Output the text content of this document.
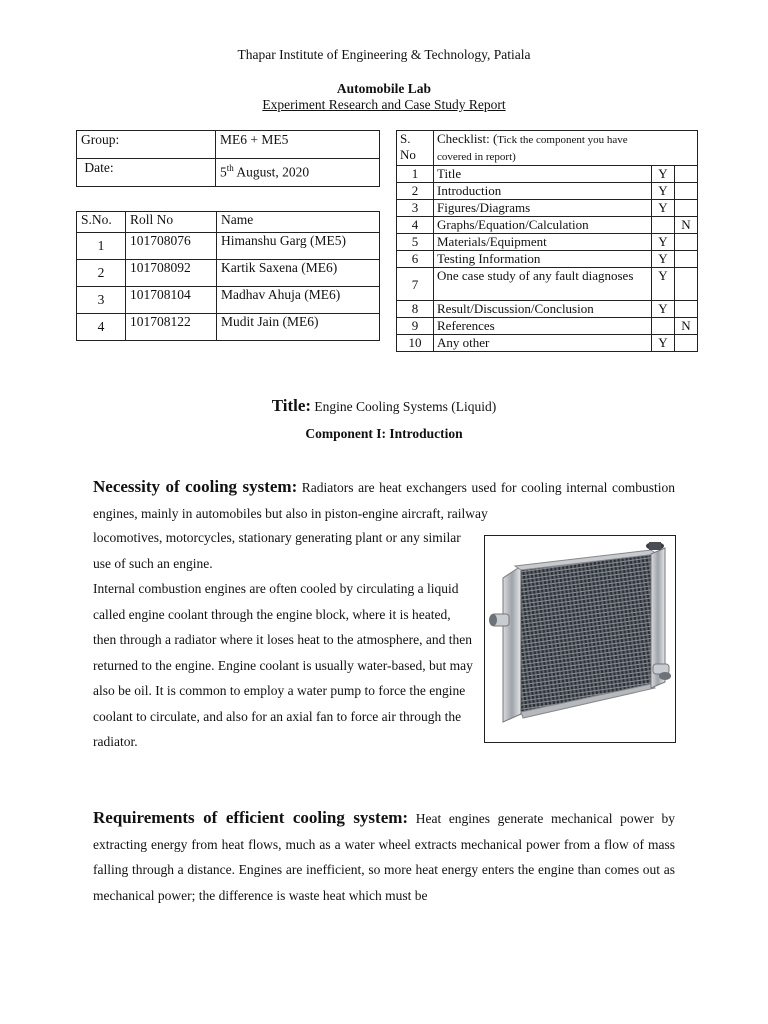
Thapar Institute of Engineering & Technology, Patiala
Automobile Lab
Experiment Research and Case Study Report
Group:	ME6 + ME5
Date:	5th August, 2020
S.No.	Roll No	Name
1	101708076	Himanshu Garg (ME5)
2	101708092	Kartik Saxena (ME6)
3	101708104	Madhav Ahuja (ME6)
4	101708122	Mudit Jain (ME6)
S.
No	Checklist: (Tick the component you have
covered in report)		
1	Title	Y	
2	Introduction	Y	
3	Figures/Diagrams	Y	
4	Graphs/Equation/Calculation		N
5	Materials/Equipment	Y	
6	Testing Information	Y	
7	One case study of any fault diagnoses	Y	
8	Result/Discussion/Conclusion	Y	
9	References		N
10	Any other	Y	
Title: Engine Cooling Systems (Liquid)
Component I: Introduction
Necessity of cooling system: Radiators are heat exchangers used for cooling internal combustion engines, mainly in automobiles but also in piston-engine aircraft, railway
locomotives, motorcycles, stationary generating plant or any similar use of such an engine.
Internal combustion engines are often cooled by circulating a liquid called engine coolant through the engine block, where it is heated, then through a radiator where it loses heat to the atmosphere, and then returned to the engine. Engine coolant is usually water-based, but may also be oil. It is common to employ a water pump to force the engine coolant to circulate, and also for an axial fan to force air through the radiator.
Requirements of efficient cooling system: Heat engines generate mechanical power by extracting energy from heat flows, much as a water wheel extracts mechanical power from a flow of mass falling through a distance. Engines are inefficient, so more heat energy enters the engine than comes out as mechanical power; the difference is waste heat which must be
